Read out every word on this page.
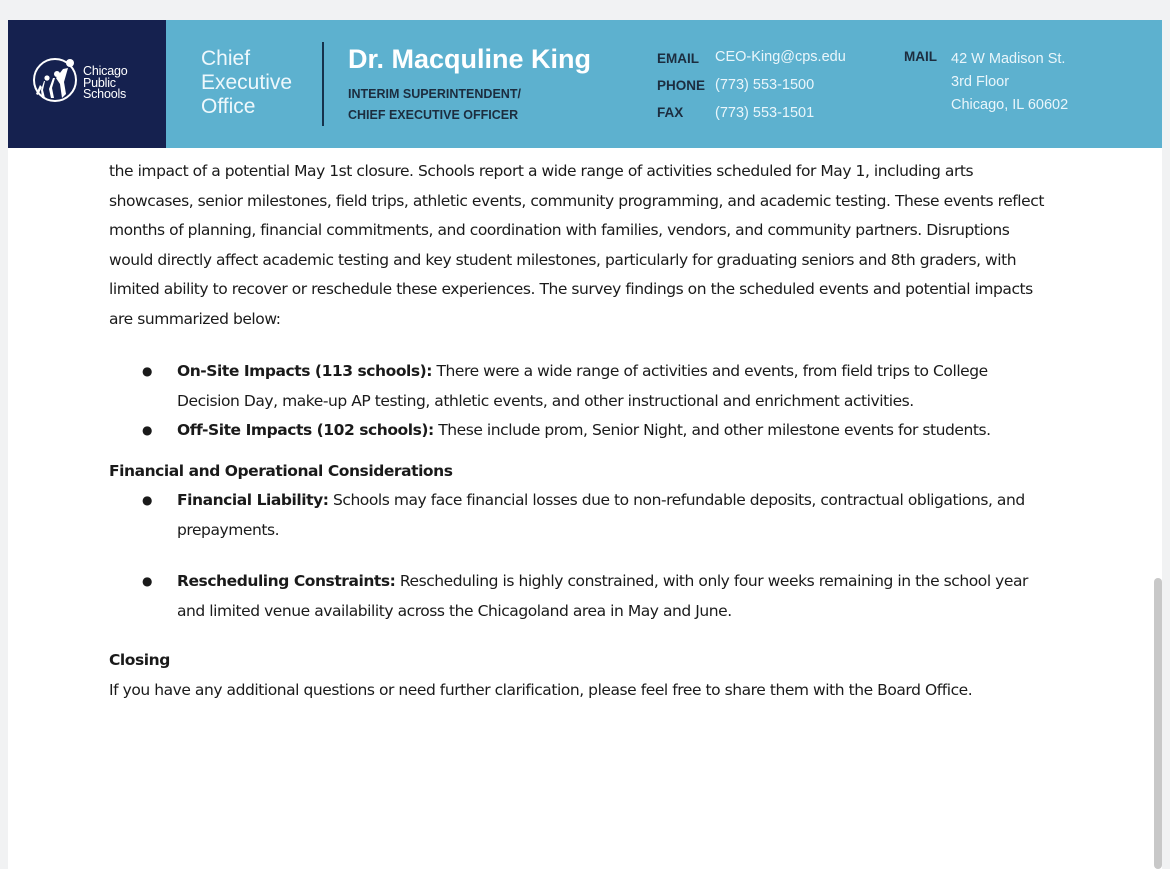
Chicago
Public
Schools
Chief
Executive
Office
Dr. Macquline King
INTERIM SUPERINTENDENT/
CHIEF EXECUTIVE OFFICER
EMAIL CEO-King@cps.edu
PHONE (773) 553-1500
FAX (773) 553-1501
MAIL 42 W Madison St.
3rd Floor
Chicago, IL 60602

the impact of a potential May 1st closure. Schools report a wide range of activities scheduled for May 1, including arts showcases, senior milestones, field trips, athletic events, community programming, and academic testing. These events reflect months of planning, financial commitments, and coordination with families, vendors, and community partners. Disruptions would directly affect academic testing and key student milestones, particularly for graduating seniors and 8th graders, with limited ability to recover or reschedule these experiences. The survey findings on the scheduled events and potential impacts are summarized below:

● On-Site Impacts (113 schools): There were a wide range of activities and events, from field trips to College Decision Day, make-up AP testing, athletic events, and other instructional and enrichment activities.
● Off-Site Impacts (102 schools): These include prom, Senior Night, and other milestone events for students.

Financial and Operational Considerations

● Financial Liability: Schools may face financial losses due to non-refundable deposits, contractual obligations, and prepayments.
● Rescheduling Constraints: Rescheduling is highly constrained, with only four weeks remaining in the school year and limited venue availability across the Chicagoland area in May and June.

Closing

If you have any additional questions or need further clarification, please feel free to share them with the Board Office.
